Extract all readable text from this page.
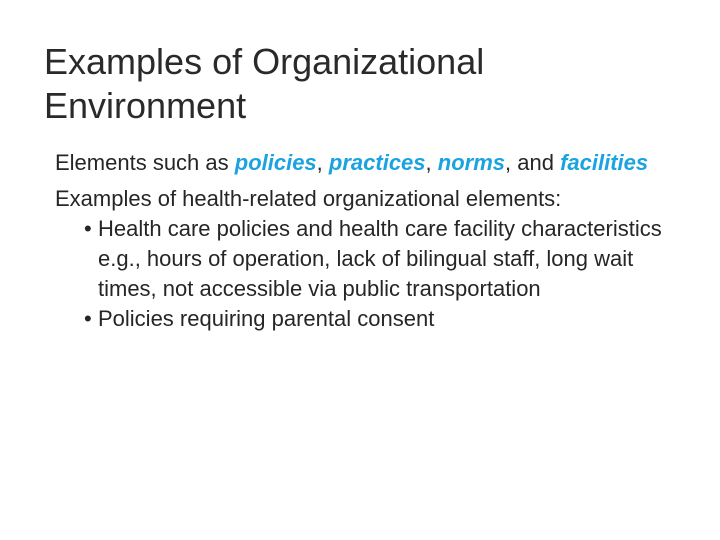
Examples of Organizational Environment

Elements such as policies, practices, norms, and facilities

Examples of health-related organizational elements:

• Health care policies and health care facility characteristics e.g., hours of operation, lack of bilingual staff, long wait times, not accessible via public transportation
• Policies requiring parental consent
